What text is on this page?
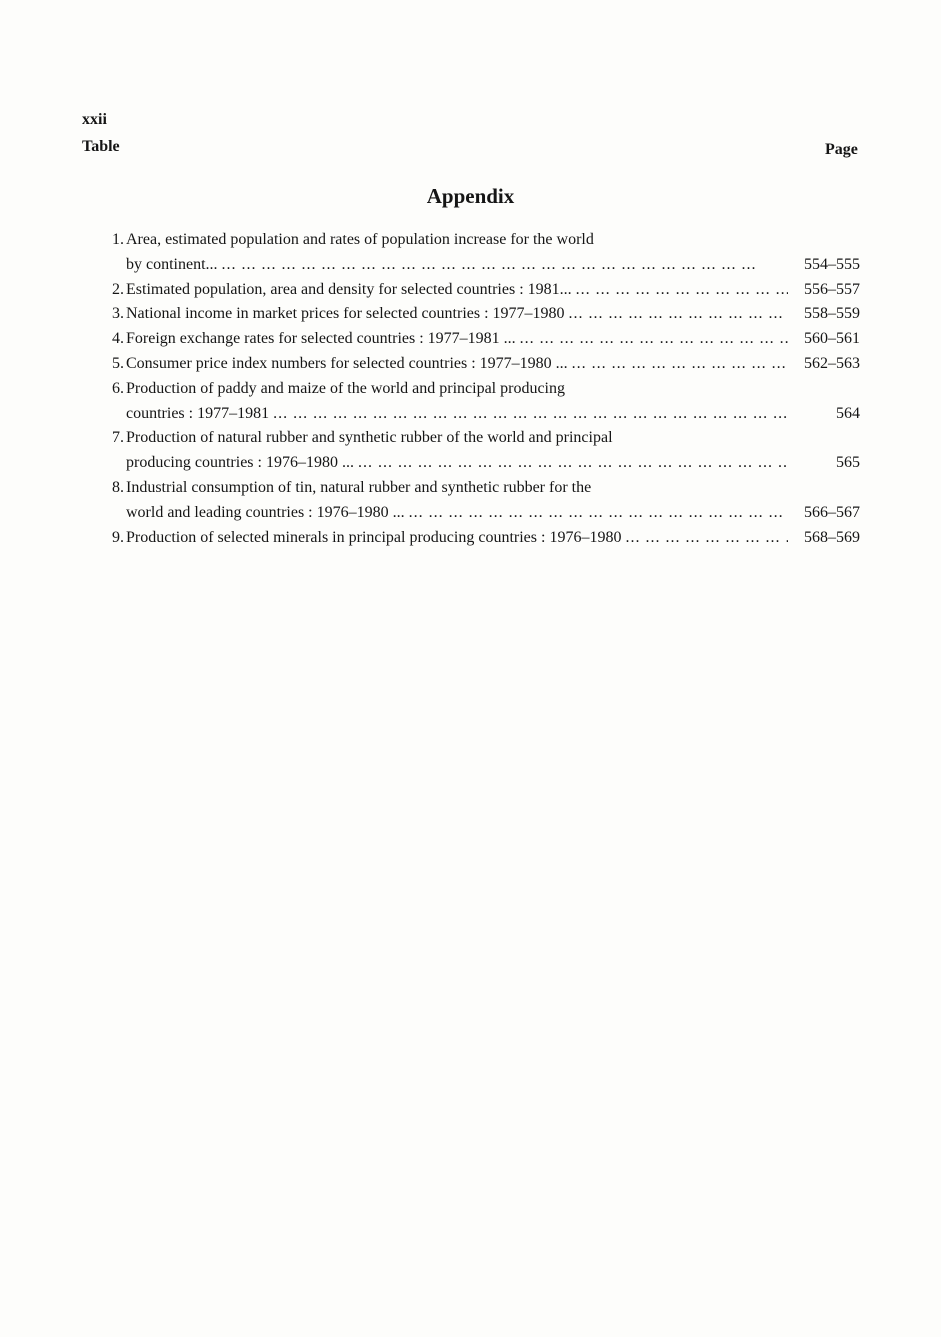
xxii
Table	Page
Appendix
1. Area, estimated population and rates of population increase for the world
by continent... ... .	554–555
2. Estimated population, area and density for selected countries : 1981... ... .	556–557
3. National income in market prices for selected countries : 1977–1980 ... .	558–559
4. Foreign exchange rates for selected countries : 1977–1981 ... ... .	560–561
5. Consumer price index numbers for selected countries : 1977–1980 ... ... .	562–563
6. Production of paddy and maize of the world and principal producing
countries : 1977–1981 ... .	564
7. Production of natural rubber and synthetic rubber of the world and principal
producing countries : 1976–1980 ... ... .	565
8. Industrial consumption of tin, natural rubber and synthetic rubber for the
world and leading countries : 1976–1980 ... ... .	566–567
9. Production of selected minerals in principal producing countries : 1976–1980 ... .	568–569
